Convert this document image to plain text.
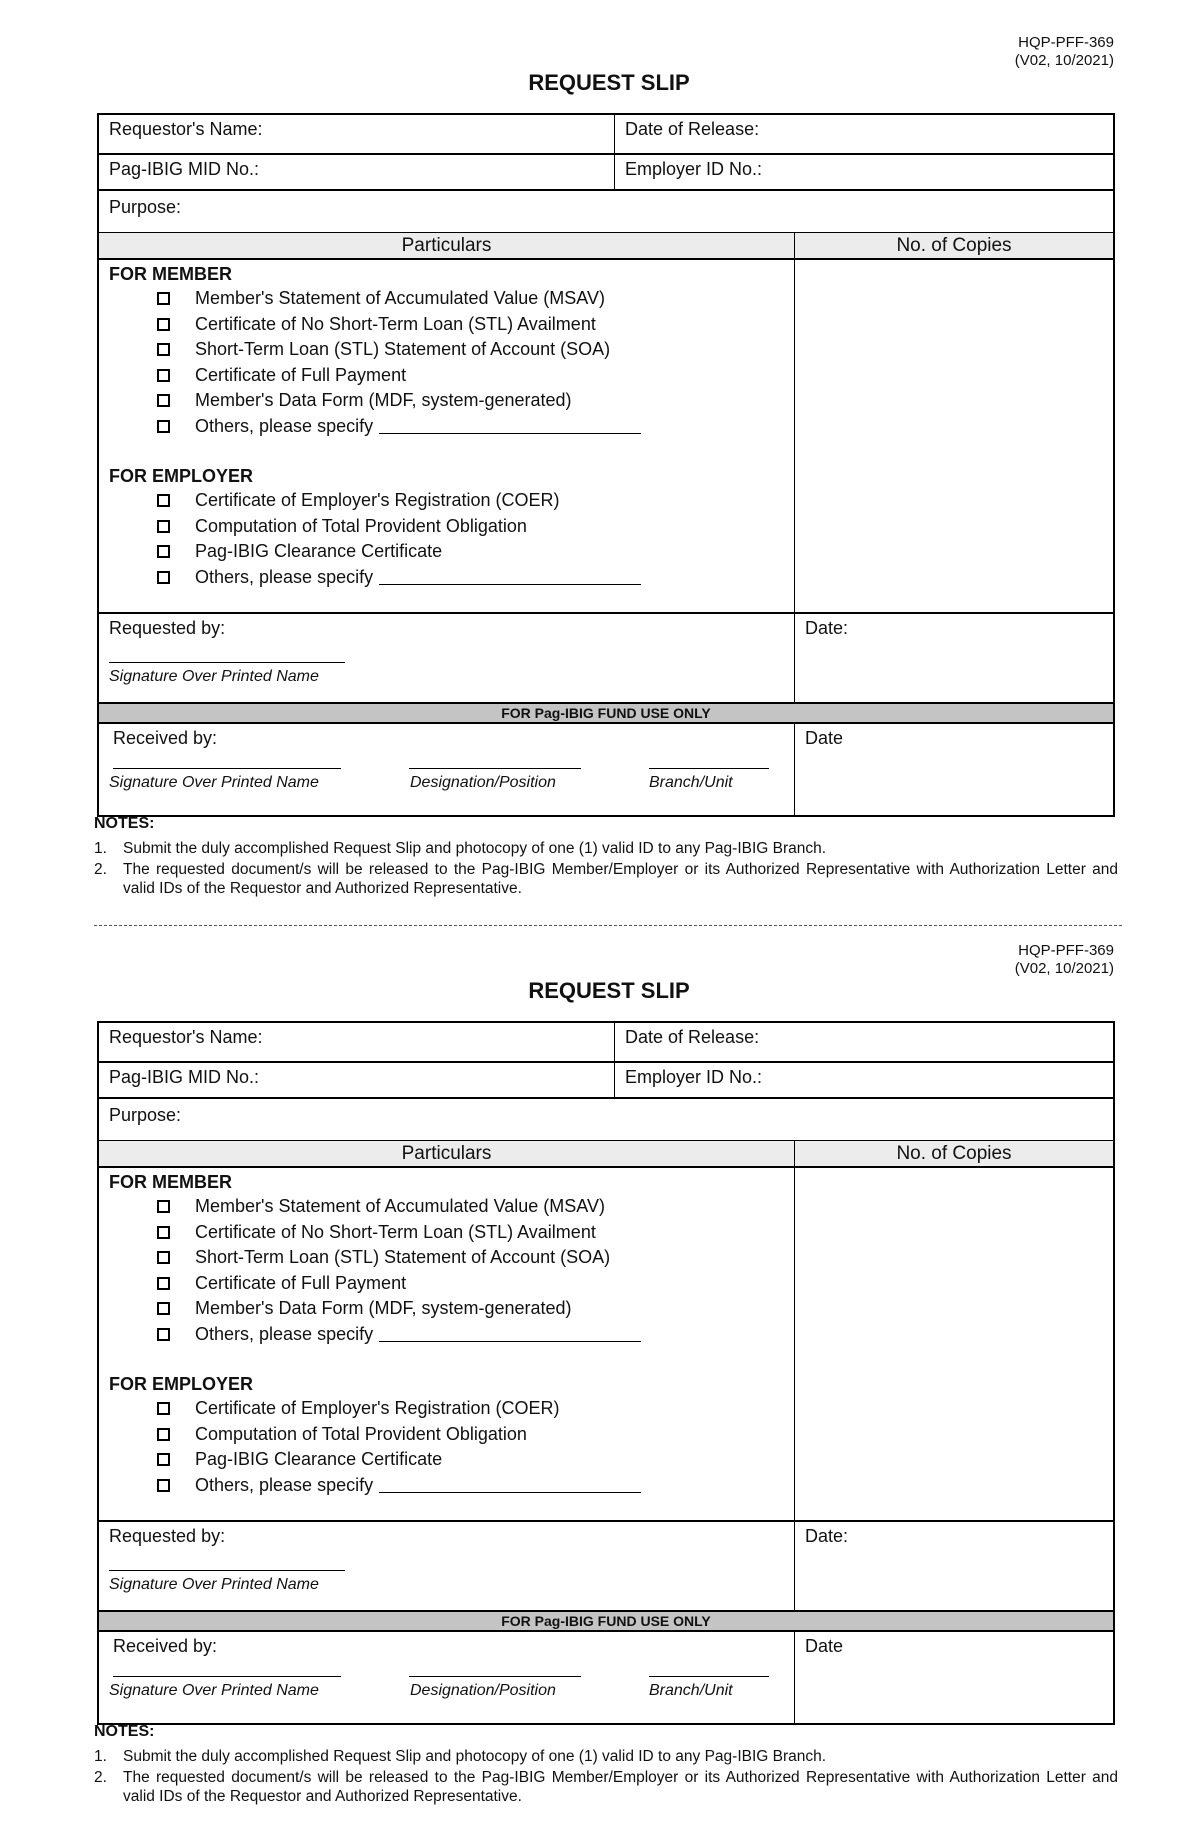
HQP-PFF-369
(V02, 10/2021)
REQUEST SLIP
Requestor's Name:	Date of Release:
Pag-IBIG MID No.:	Employer ID No.:
Purpose:
Particulars	No. of Copies
FOR MEMBER
Member's Statement of Accumulated Value (MSAV)
Certificate of No Short-Term Loan (STL) Availment
Short-Term Loan (STL) Statement of Account (SOA)
Certificate of Full Payment
Member's Data Form (MDF, system-generated)
Others, please specify
FOR EMPLOYER
Certificate of Employer's Registration (COER)
Computation of Total Provident Obligation
Pag-IBIG Clearance Certificate
Others, please specify
Requested by:
Signature Over Printed Name
Date:
FOR Pag-IBIG FUND USE ONLY
Received by:
Signature Over Printed Name	Designation/Position	Branch/Unit
Date
NOTES:
1.	Submit the duly accomplished Request Slip and photocopy of one (1) valid ID to any Pag-IBIG Branch.
2.	The requested document/s will be released to the Pag-IBIG Member/Employer or its Authorized Representative with Authorization Letter and valid IDs of the Requestor and Authorized Representative.
HQP-PFF-369
(V02, 10/2021)
REQUEST SLIP
Requestor's Name:	Date of Release:
Pag-IBIG MID No.:	Employer ID No.:
Purpose:
Particulars	No. of Copies
FOR MEMBER
Member's Statement of Accumulated Value (MSAV)
Certificate of No Short-Term Loan (STL) Availment
Short-Term Loan (STL) Statement of Account (SOA)
Certificate of Full Payment
Member's Data Form (MDF, system-generated)
Others, please specify
FOR EMPLOYER
Certificate of Employer's Registration (COER)
Computation of Total Provident Obligation
Pag-IBIG Clearance Certificate
Others, please specify
Requested by:
Signature Over Printed Name
Date:
FOR Pag-IBIG FUND USE ONLY
Received by:
Signature Over Printed Name	Designation/Position	Branch/Unit
Date
NOTES:
1.	Submit the duly accomplished Request Slip and photocopy of one (1) valid ID to any Pag-IBIG Branch.
2.	The requested document/s will be released to the Pag-IBIG Member/Employer or its Authorized Representative with Authorization Letter and valid IDs of the Requestor and Authorized Representative.
